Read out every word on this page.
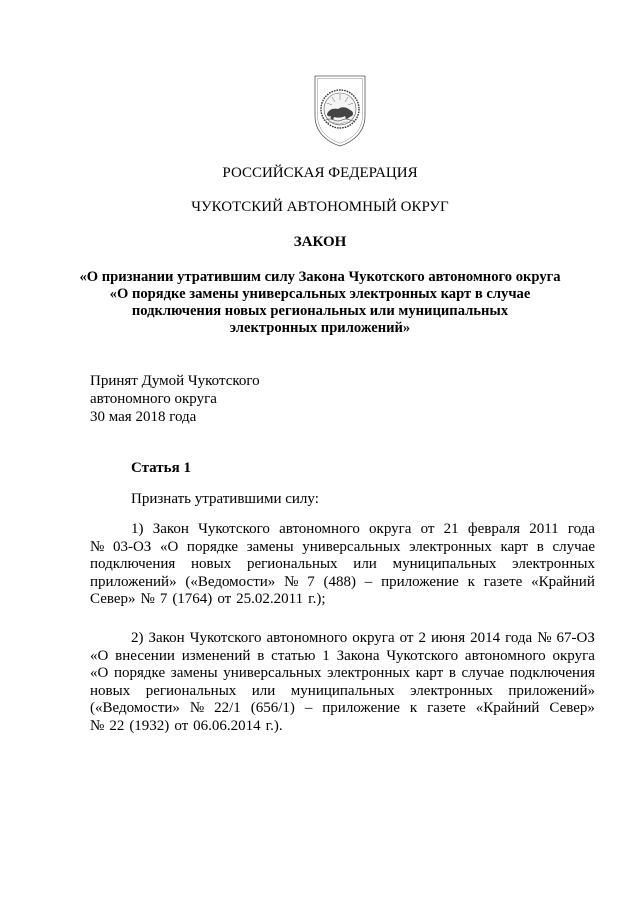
РОССИЙСКАЯ ФЕДЕРАЦИЯ
ЧУКОТСКИЙ АВТОНОМНЫЙ ОКРУГ
ЗАКОН
«О признании утратившим силу Закона Чукотского автономного округа
«О порядке замены универсальных электронных карт в случае
подключения новых региональных или муниципальных
электронных приложений»
Принят Думой Чукотского
автономного округа
30 мая 2018 года
Статья 1
Признать утратившими силу:
1) Закон Чукотского автономного округа от 21 февраля 2011 года
№ 03-ОЗ «О порядке замены универсальных электронных карт в случае
подключения новых региональных или муниципальных электронных
приложений» («Ведомости» № 7 (488) – приложение к газете «Крайний
Север» № 7 (1764) от 25.02.2011 г.);
2) Закон Чукотского автономного округа от 2 июня 2014 года № 67-ОЗ
«О внесении изменений в статью 1 Закона Чукотского автономного округа
«О порядке замены универсальных электронных карт в случае подключения
новых региональных или муниципальных электронных приложений»
(«Ведомости» № 22/1 (656/1) – приложение к газете «Крайний Север»
№ 22 (1932) от 06.06.2014 г.).
